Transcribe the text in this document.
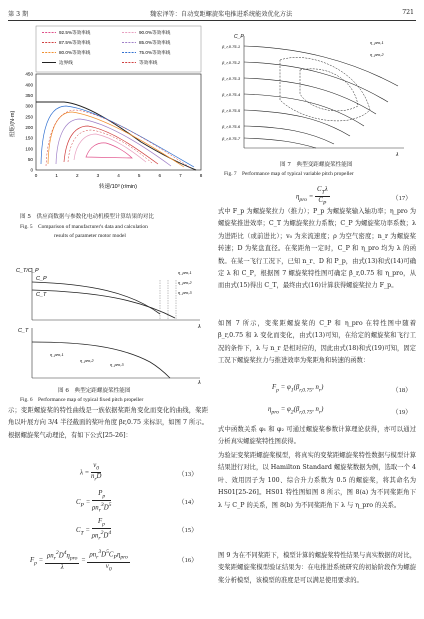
第 3 期	魏宏泽等：自动变距螺旋桨电推进系统能效优化方法	721
92.5%等效率线	90.0%等效率线
87.5%等效率线	85.0%等效率线
80.0%等效率线	75.0%等效率线
边界线	等效率线
0
50
100
150
200
250
300
350
400
450
0	1	2	3	4	5	6	7	8
扭矩/(N·m)
转速/10³ (r/min)
图 5　供应商数据与参数化电动机模型计算结果的对比
Fig. 5　Comparison of manufacturer's data and calculation
results of parameter motor model
C_T/C_P
λ
C_P
C_T
η_pro,1
η_pro,2
η_pro,3
C_T
λ
η_pro,1
η_pro,2
η_pro,3
图 6　典型定距螺旋桨性能图
Fig. 6　Performance map of typical fixed pitch propeller
示；变距螺旋桨的特性曲线是一族依据桨距角变化而变化的曲线，桨距角以叶展方向 3/4 半径截面的桨叶角度 βr,0.75 来标识，如图 7 所示。根据螺旋桨气动理论，有如下公式[25-26]：
$\lambda = \frac{v_0}{n_rD}$	（13）
$C_P = \frac{P_p}{\rho n_r^3D^5}$	（14）
$C_T = \frac{F_p}{\rho n_r^2D^4}$	（15）
$F_p = \frac{\rho n_r^2D^4\eta_{pro}}{\lambda} = \frac{\rho n_r^3D^5C_P\eta_{pro}}{v_0}$	（16）
C_P
λ
β_r,0.75-1
β_r,0.75-2
β_r,0.75-3
β_r,0.75-4
β_r,0.75-5
β_r,0.75-6
β_r,0.75-7
η_pro,1
η_pro,2
图 7　典型变距螺旋桨性能图
Fig. 7　Performance map of typical variable pitch propeller
$\eta_{pro} = \frac{C_T\lambda}{C_P}$	（17）
式中 F_p 为螺旋桨拉力（推力）；P_p 为螺旋桨输入轴功率；η_pro 为螺旋桨推进效率；C_T 为螺旋桨拉力系数；C_P 为螺旋桨功率系数；λ 为进距比（或前进比）；v₀ 为来流速度；ρ 为空气密度；n_r 为螺旋桨转速；D 为桨盘直径。在桨距角一定时，C_P 和 η_pro 均为 λ 的函数。在某一飞行工况下，已知 n_r、D 和 P_p，由式(13)和式(14)可确定 λ 和 C_P，根据图 7 螺旋桨特性图可确定 β_r,0.75 和 η_pro，从而由式(15)得出 C_T，最终由式(16)计算获得螺旋桨拉力 F_p。
如图 7 所示，变桨距螺旋桨的 C_P 和 η_pro 在特性图中随着 β_r,0.75 和 λ 变化而变化，由式(13)可知，在给定的螺旋桨和飞行工况的条件下，λ 与 n_r 是相对应的，因此由式(18)和式(19)可知，固定工况下螺旋桨拉力与推进效率为桨距角和转速的函数：
$F_p = \varphi_1(\beta_{r,0.75}$, $n_r$)	（18）
$\eta_{pro} = \varphi_2(\beta_{r,0.75}$, $n_r$)	（19）
式中函数关系 φ₁ 和 φ₂ 可通过螺旋桨参数计算理论获得，亦可以通过分析真实螺旋桨特性图获得。
为验证变桨距螺旋桨模型，将真实的变桨距螺旋桨特性数据与模型计算结果进行对比，以 Hamilton Standard 螺旋桨数据为例，选取一个 4 叶、效用因子为 100、综合升力系数为 0.5 的螺旋桨，将其命名为 HS01[25-26]。HS01 特性图如图 8 所示，图 8(a) 为不同桨距角下 λ 与 C_P 的关系，图 8(b) 为不同桨距角下 λ 与 η_pro 的关系。
图 9 为在不同桨距下，模型计算的螺旋桨特性结果与真实数据的对比，变桨距螺旋桨模型验证结果为：在电推进系统研究的初始阶段作为螺旋桨分析模型，该模型的准度是可以满足使用要求的。
